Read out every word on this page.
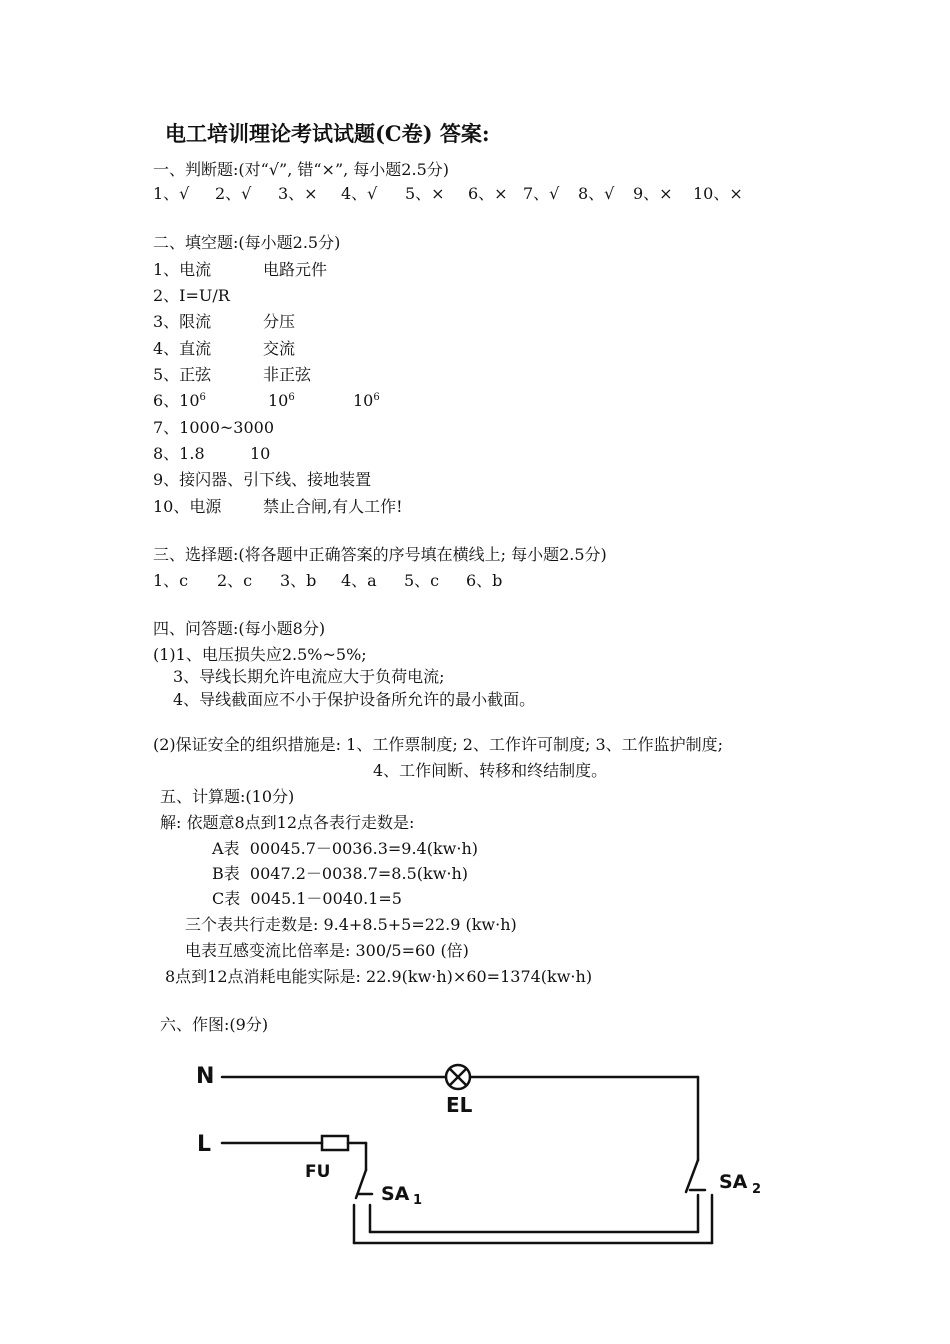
电工培训理论考试试题(C卷) 答案:
一、判断题:(对“√”, 错“×”, 每小题2.5分)
1、√ 2、√ 3、× 4、√ 5、× 6、× 7、√ 8、√ 9、× 10、×
二、填空题:(每小题2.5分)
1、电流	电路元件
2、I=U/R
3、限流	分压
4、直流	交流
5、正弦	非正弦
6、$10^6$	$10^6$	$10^6$
7、1000~3000
8、1.8	10
9、接闪器、引下线、接地装置
10、电源	禁止合闸,有人工作!
三、选择题:(将各题中正确答案的序号填在横线上; 每小题2.5分)
1、c 2、c 3、b 4、a 5、c 6、b
四、问答题:(每小题8分)
(1)1、电压损失应2.5%~5%;
3、导线长期允许电流应大于负荷电流;
4、导线截面应不小于保护设备所允许的最小截面。
(2)保证安全的组织措施是: 1、工作票制度; 2、工作许可制度; 3、工作监护制度;
4、工作间断、转移和终结制度。
五、计算题:(10分)
解: 依题意8点到12点各表行走数是:
A表  00045.7－0036.3=9.4(kw·h)
B表  0047.2－0038.7=8.5(kw·h)
C表  0045.1－0040.1=5
三个表共行走数是: 9.4+8.5+5=22.9 (kw·h)
电表互感变流比倍率是: 300/5=60 (倍)
8点到12点消耗电能实际是: 22.9(kw·h)×60=1374(kw·h)
六、作图:(9分)
N
L
EL
FU
SA 1
SA 2
